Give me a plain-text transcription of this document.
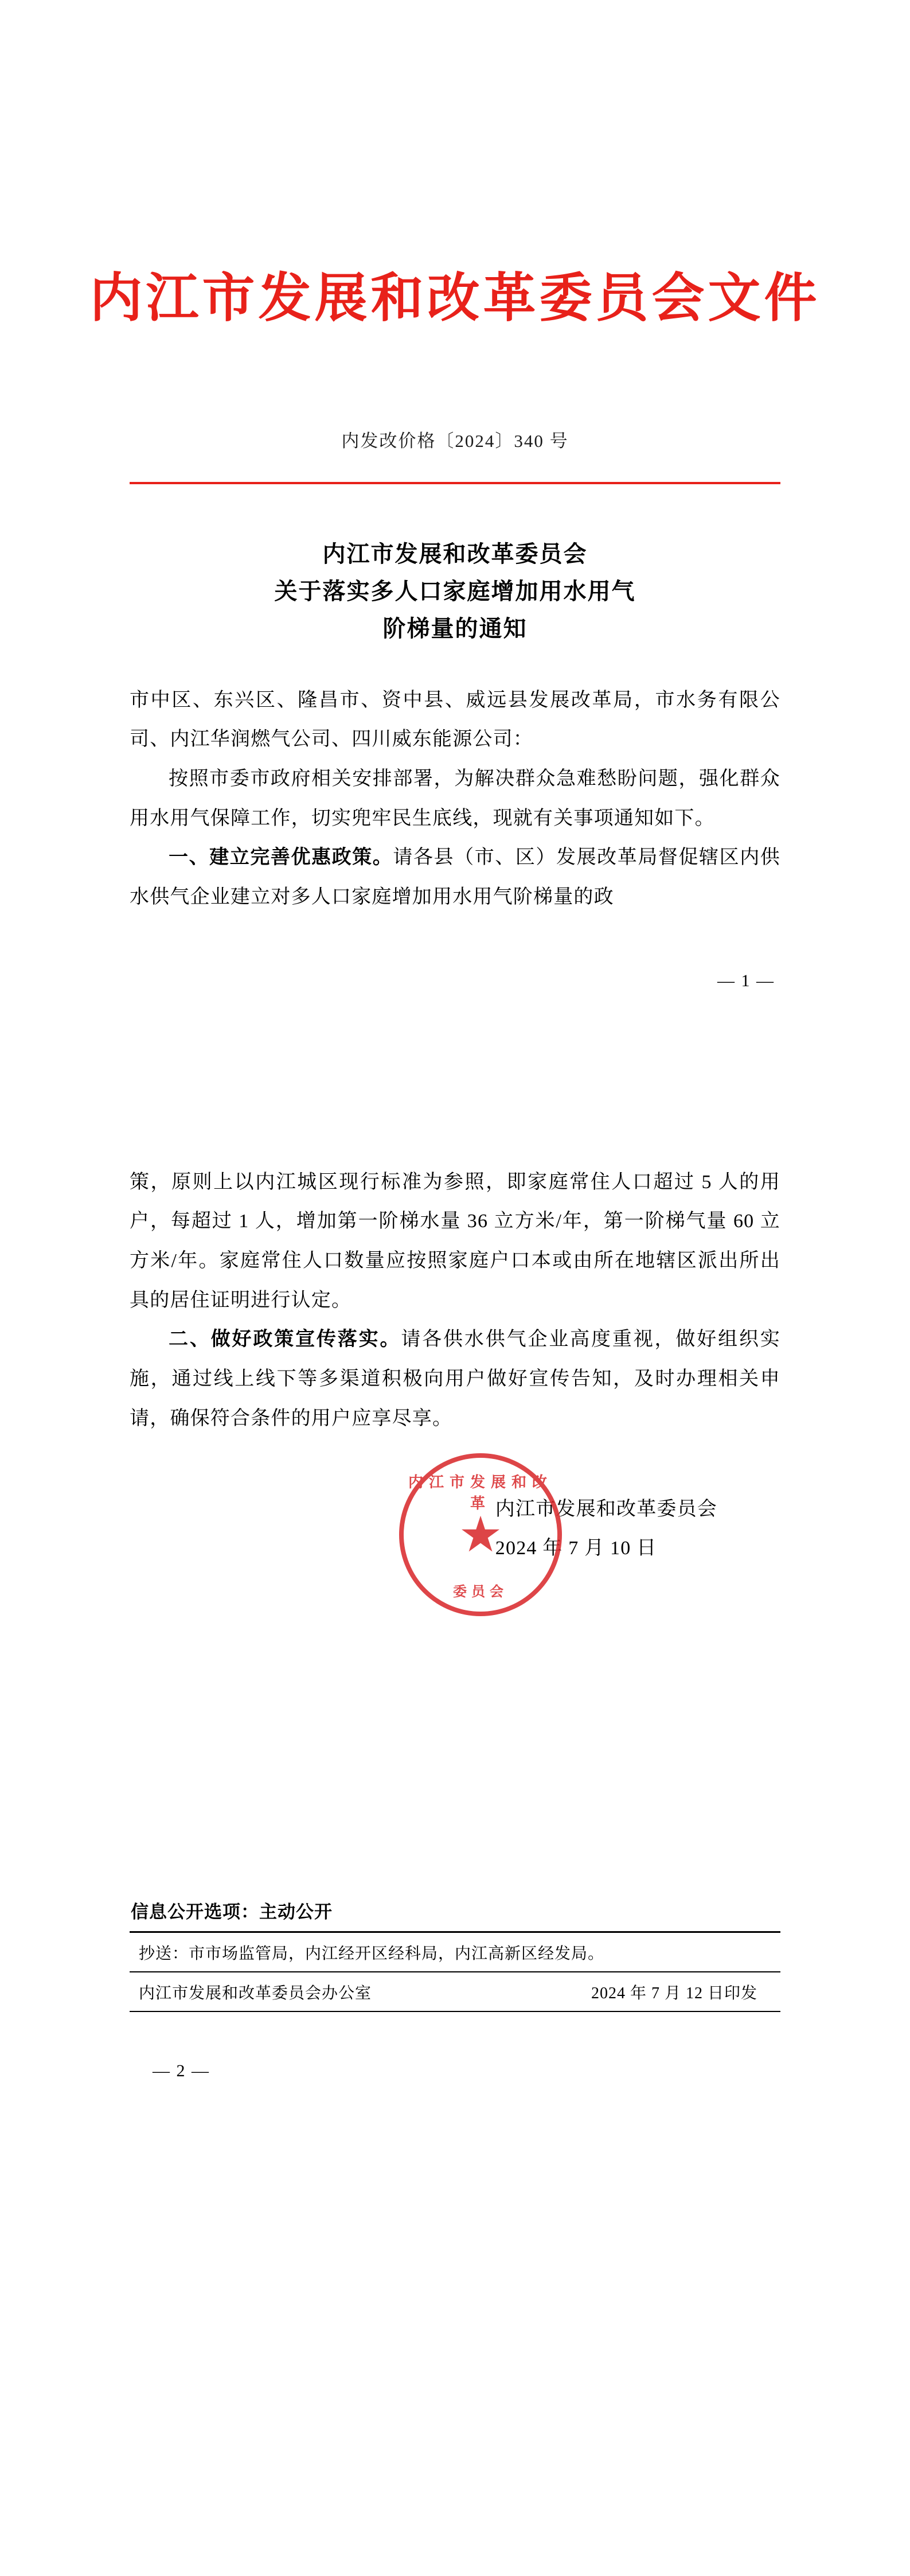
内江市发展和改革委员会文件
内发改价格〔2024〕340 号
内江市发展和改革委员会
关于落实多人口家庭增加用水用气
阶梯量的通知

市中区、东兴区、隆昌市、资中县、威远县发展改革局，市水务有限公司、内江华润燃气公司、四川威东能源公司：

按照市委市政府相关安排部署，为解决群众急难愁盼问题，强化群众用水用气保障工作，切实兜牢民生底线，现就有关事项通知如下。

一、建立完善优惠政策。请各县（市、区）发展改革局督促辖区内供水供气企业建立对多人口家庭增加用水用气阶梯量的政

— 1 —

策，原则上以内江城区现行标准为参照，即家庭常住人口超过 5 人的用户，每超过 1 人，增加第一阶梯水量 36 立方米/年，第一阶梯气量 60 立方米/年。家庭常住人口数量应按照家庭户口本或由所在地辖区派出所出具的居住证明进行认定。

二、做好政策宣传落实。请各供水供气企业高度重视，做好组织实施，通过线上线下等多渠道积极向用户做好宣传告知，及时办理相关申请，确保符合条件的用户应享尽享。

内江市发展和改革委员会
2024 年 7 月 10 日
内江市发展和改革
★
委员会
信息公开选项：主动公开
抄送：市市场监管局，内江经开区经科局，内江高新区经发局。
内江市发展和改革委员会办公室	2024 年 7 月 12 日印发
— 2 —
